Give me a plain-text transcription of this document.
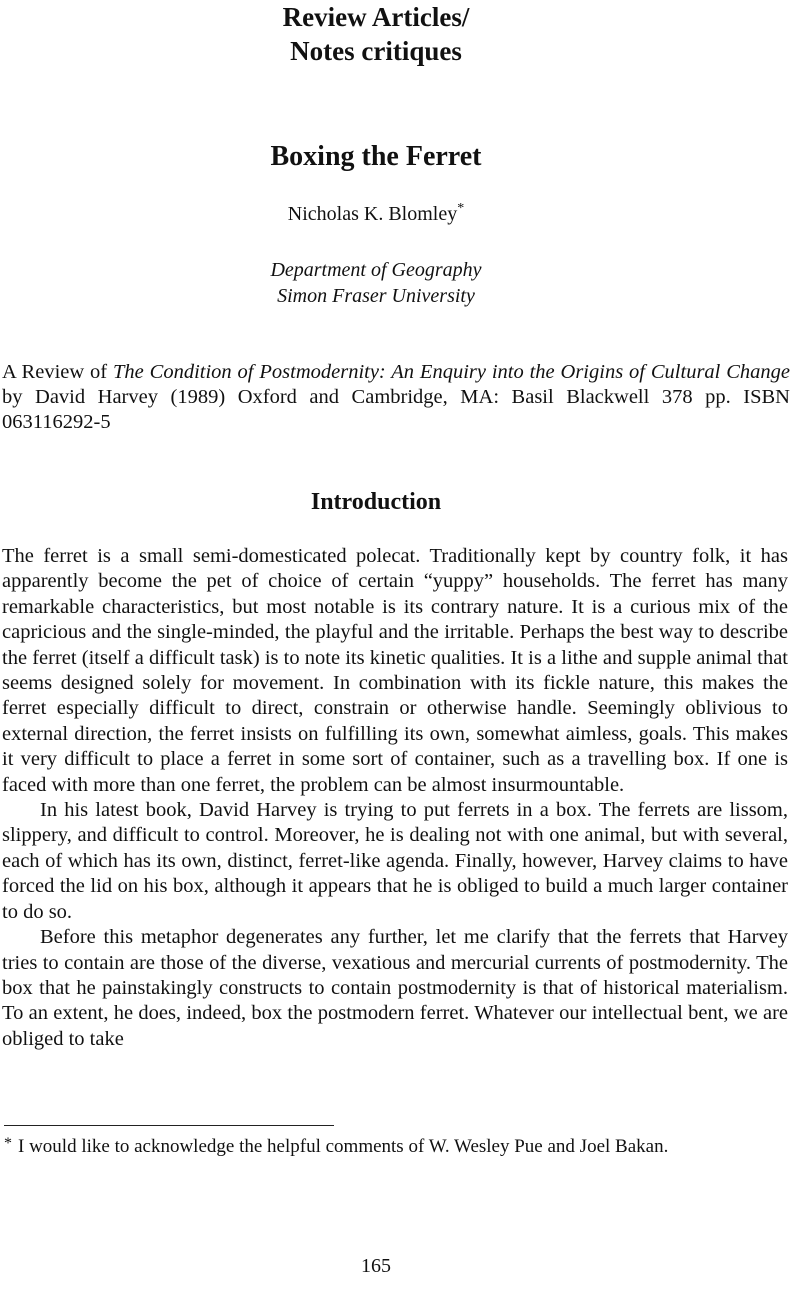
Review Articles/
Notes critiques
Boxing the Ferret
Nicholas K. Blomley*
Department of Geography
Simon Fraser University
A Review of The Condition of Postmodernity: An Enquiry into the Origins of Cultural Change by David Harvey (1989) Oxford and Cambridge, MA: Basil Blackwell 378 pp. ISBN 063116292-5
Introduction

The ferret is a small semi-domesticated polecat. Traditionally kept by country folk, it has apparently become the pet of choice of certain “yuppy” households. The ferret has many remarkable characteristics, but most notable is its contrary nature. It is a curious mix of the capricious and the single-minded, the playful and the irritable. Perhaps the best way to describe the ferret (itself a difficult task) is to note its kinetic qualities. It is a lithe and supple animal that seems designed solely for movement. In combination with its fickle nature, this makes the ferret especially difficult to direct, constrain or otherwise handle. Seemingly oblivious to external direction, the ferret insists on fulfilling its own, somewhat aimless, goals. This makes it very difficult to place a ferret in some sort of container, such as a travelling box. If one is faced with more than one ferret, the problem can be almost insurmountable.

In his latest book, David Harvey is trying to put ferrets in a box. The ferrets are lissom, slippery, and difficult to control. Moreover, he is dealing not with one animal, but with several, each of which has its own, distinct, ferret-like agenda. Finally, however, Harvey claims to have forced the lid on his box, although it appears that he is obliged to build a much larger container to do so.

Before this metaphor degenerates any further, let me clarify that the ferrets that Harvey tries to contain are those of the diverse, vexatious and mercurial currents of postmodernity. The box that he painstakingly constructs to contain postmodernity is that of historical materialism. To an extent, he does, indeed, box the postmodern ferret. Whatever our intellectual bent, we are obliged to take

* I would like to acknowledge the helpful comments of W. Wesley Pue and Joel Bakan.
165
